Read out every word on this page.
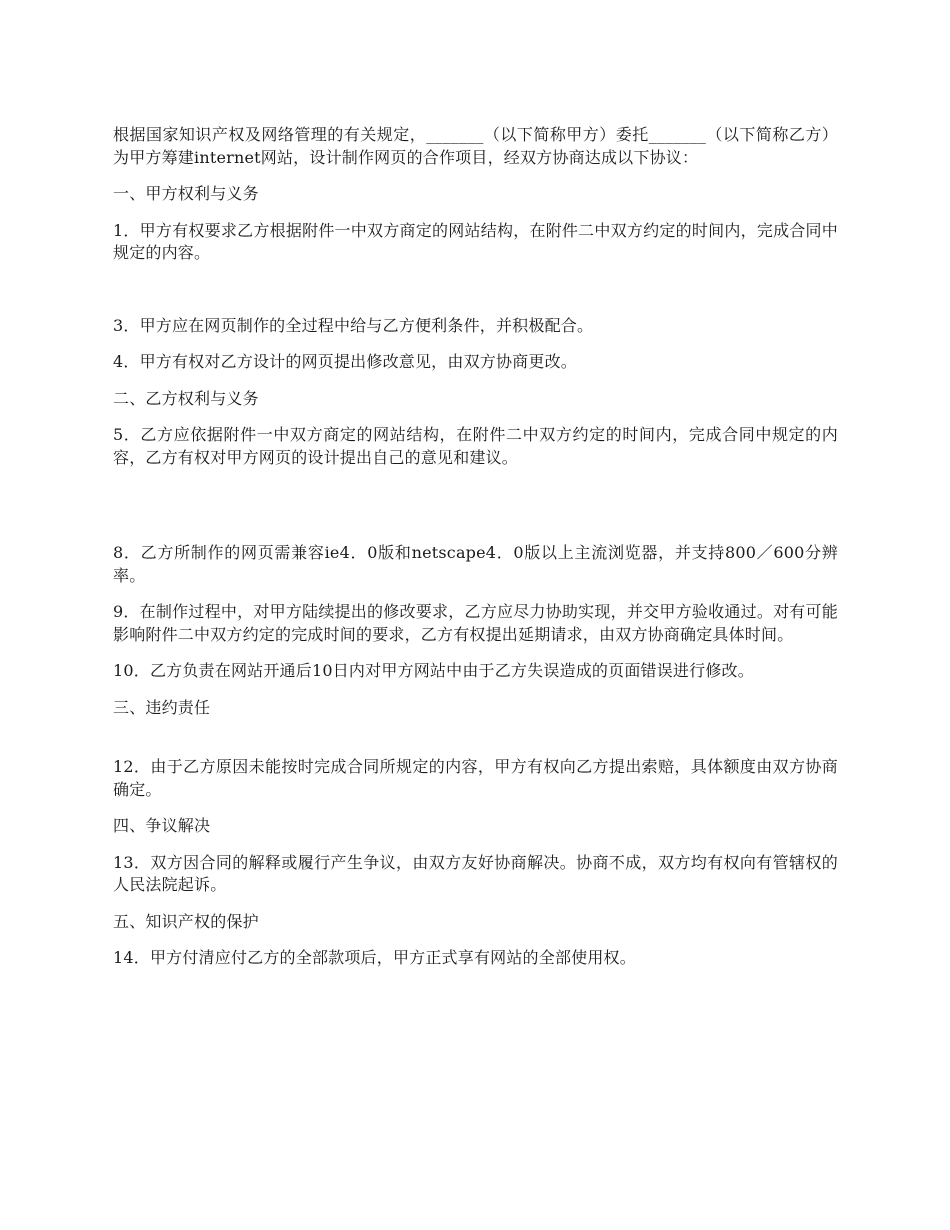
根据国家知识产权及网络管理的有关规定，_______（以下简称甲方）委托_______（以下简称乙方）为甲方筹建internet网站，设计制作网页的合作项目，经双方协商达成以下协议：

一、甲方权利与义务

1．甲方有权要求乙方根据附件一中双方商定的网站结构，在附件二中双方约定的时间内，完成合同中规定的内容。

3．甲方应在网页制作的全过程中给与乙方便利条件，并积极配合。

4．甲方有权对乙方设计的网页提出修改意见，由双方协商更改。

二、乙方权利与义务

5．乙方应依据附件一中双方商定的网站结构，在附件二中双方约定的时间内，完成合同中规定的内容，乙方有权对甲方网页的设计提出自己的意见和建议。

8．乙方所制作的网页需兼容ie4．0版和netscape4．0版以上主流浏览器，并支持800／600分辨率。

9．在制作过程中，对甲方陆续提出的修改要求，乙方应尽力协助实现，并交甲方验收通过。对有可能影响附件二中双方约定的完成时间的要求，乙方有权提出延期请求，由双方协商确定具体时间。

10．乙方负责在网站开通后10日内对甲方网站中由于乙方失误造成的页面错误进行修改。

三、违约责任

12．由于乙方原因未能按时完成合同所规定的内容，甲方有权向乙方提出索赔，具体额度由双方协商确定。

四、争议解决

13．双方因合同的解释或履行产生争议，由双方友好协商解决。协商不成，双方均有权向有管辖权的人民法院起诉。

五、知识产权的保护

14．甲方付清应付乙方的全部款项后，甲方正式享有网站的全部使用权。
